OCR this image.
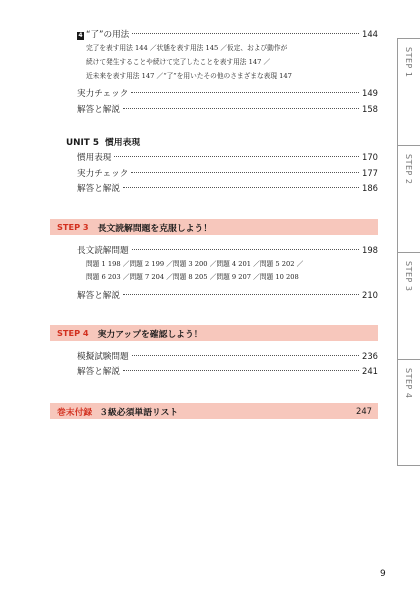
4 “了”の用法	144
完了を表す用法 144 ／状態を表す用法 145 ／仮定、および動作が
続けて発生することや続けて完了したことを表す用法 147 ／
近未来を表す用法 147 ／“了”を用いたその他のさまざまな表現 147
実力チェック	149
解答と解説	158
UNIT 5 慣用表現
慣用表現	170
実力チェック	177
解答と解説	186
STEP 3 長文読解問題を克服しよう！
長文読解問題	198
問題 1 198 ／問題 2 199 ／問題 3 200 ／問題 4 201 ／問題 5 202 ／
問題 6 203 ／問題 7 204 ／問題 8 205 ／問題 9 207 ／問題 10 208
解答と解説	210
STEP 4 実力アップを確認しよう！
模擬試験問題	236
解答と解説	241
巻末付録 ３級必須単語リスト	247
STEP 1
STEP 2
STEP 3
STEP 4
9
